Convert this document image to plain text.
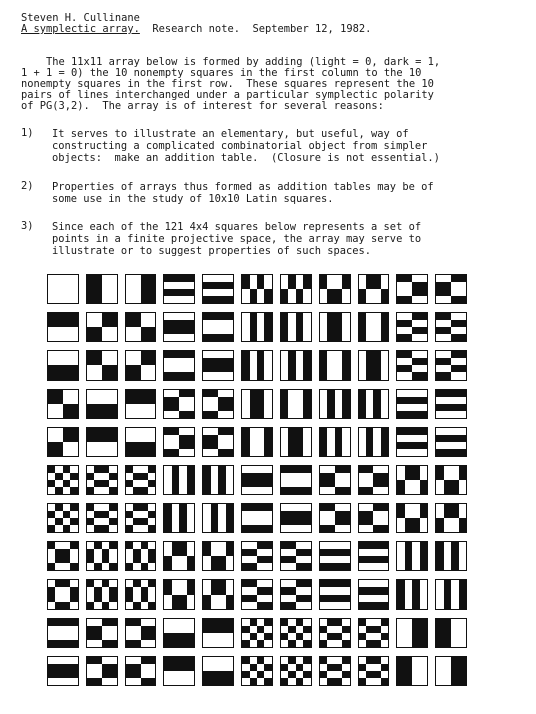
Steven H. Cullinane
A symplectic array. Research note. September 12, 1982.
The 11x11 array below is formed by adding (light = 0, dark = 1,
1 + 1 = 0) the 10 nonempty squares in the first column to the 10
nonempty squares in the first row.  These squares represent the 10
pairs of lines interchanged under a particular symplectic polarity
of PG(3,2).  The array is of interest for several reasons:
1) It serves to illustrate an elementary, but useful, way of
constructing a complicated combinatorial object from simpler
objects:  make an addition table.  (Closure is not essential.)
2) Properties of arrays thus formed as addition tables may be of
some use in the study of 10x10 Latin squares.
3) Since each of the 121 4x4 squares below represents a set of
points in a finite projective space, the array may serve to
illustrate or to suggest properties of such spaces.
